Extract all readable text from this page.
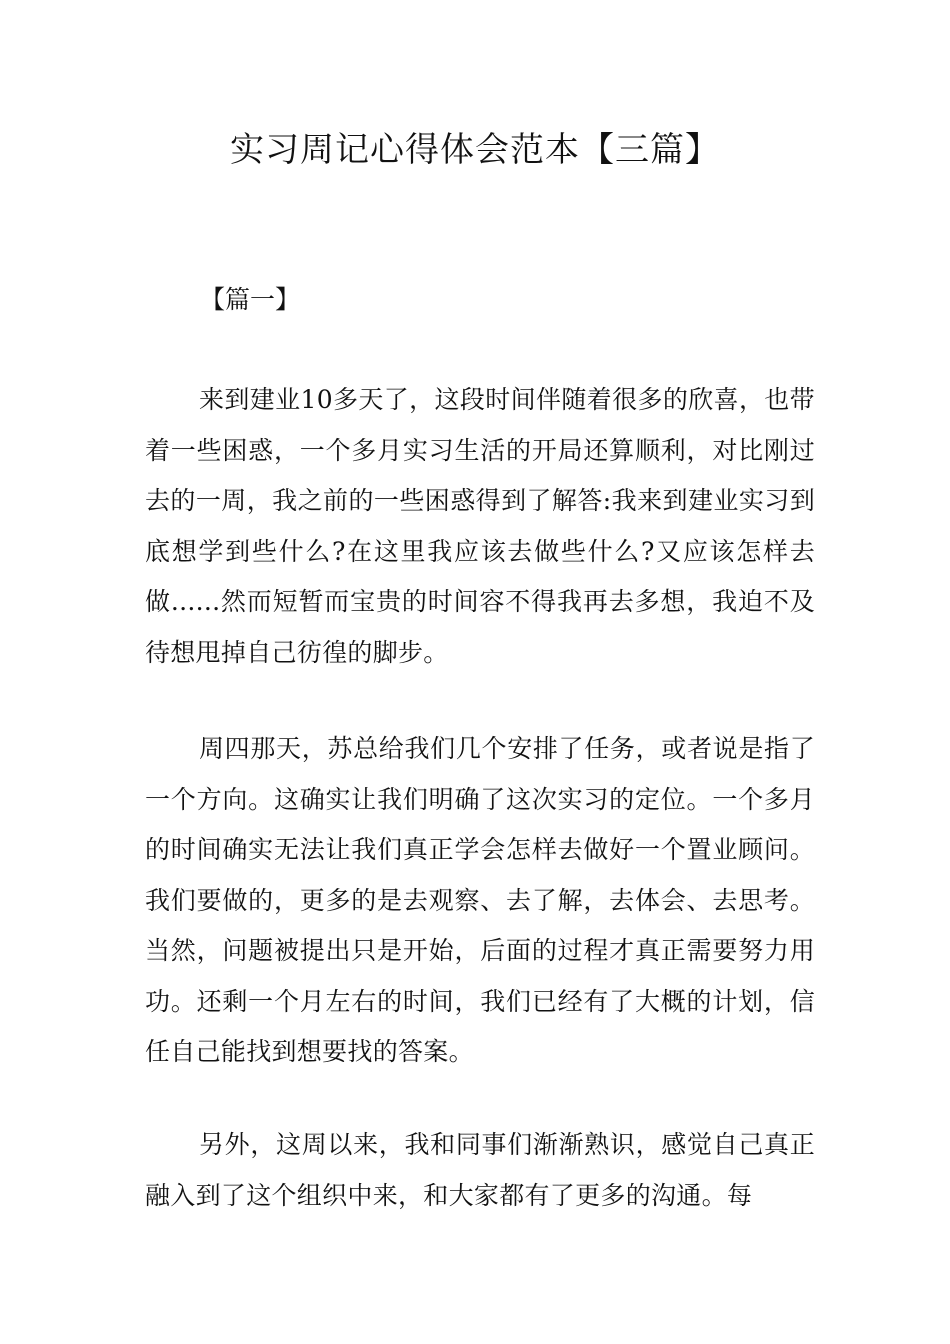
实习周记心得体会范本【三篇】
【篇一】

来到建业10多天了，这段时间伴随着很多的欣喜，也带着一些困惑，一个多月实习生活的开局还算顺利，对比刚过去的一周，我之前的一些困惑得到了解答:我来到建业实习到底想学到些什么?在这里我应该去做些什么?又应该怎样去做......然而短暂而宝贵的时间容不得我再去多想，我迫不及待想甩掉自己彷徨的脚步。

周四那天，苏总给我们几个安排了任务，或者说是指了一个方向。这确实让我们明确了这次实习的定位。一个多月的时间确实无法让我们真正学会怎样去做好一个置业顾问。我们要做的，更多的是去观察、去了解，去体会、去思考。当然，问题被提出只是开始，后面的过程才真正需要努力用功。还剩一个月左右的时间，我们已经有了大概的计划，信任自己能找到想要找的答案。

另外，这周以来，我和同事们渐渐熟识，感觉自己真正融入到了这个组织中来，和大家都有了更多的沟通。每
